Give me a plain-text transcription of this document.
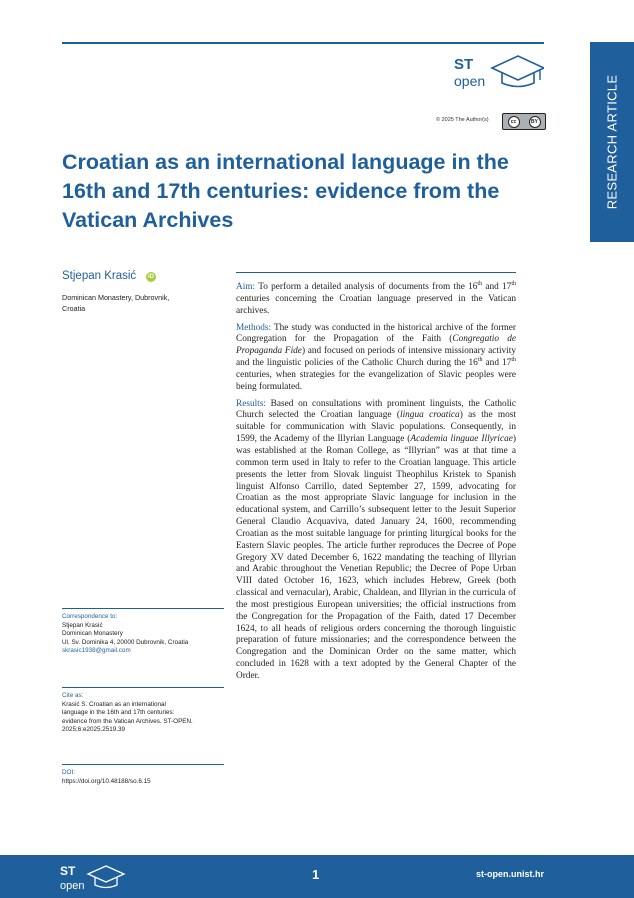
ST
open	RESEARCH ARTICLE
© 2025 The Author(s)	cc	BY
Croatian as an international language in the 16th and 17th centuries: evidence from the Vatican Archives
Stjepan Krasić	iD
Dominican Monastery, Dubrovnik,
Croatia
Correspondence to:
Stjepan Krasić
Dominican Monastery
Ul. Sv. Dominika 4, 20000 Dubrovnik, Croatia
skrasic1938@gmail.com
Cite as:
Krasić S. Croatian as an international
language in the 16th and 17th centuries:
evidence from the Vatican Archives. ST-OPEN.
2025;6:e2025.2519.39
DOI:
https://doi.org/10.48188/so.6.15

Aim: To perform a detailed analysis of documents from the 16th and 17th centuries concerning the Croatian language preserved in the Vatican archives.

Methods: The study was conducted in the historical archive of the former Congregation for the Propagation of the Faith (Congregatio de Propaganda Fide) and focused on periods of intensive missionary activity and the linguistic policies of the Catholic Church during the 16th and 17th centuries, when strategies for the evangelization of Slavic peoples were being formulated.

Results: Based on consultations with prominent linguists, the Catholic Church selected the Croatian language (lingua croatica) as the most suitable for communication with Slavic populations. Consequently, in 1599, the Academy of the Illyrian Language (Academia linguae Illyricae) was established at the Roman College, as “Illyrian” was at that time a common term used in Italy to refer to the Croatian language. This article presents the letter from Slovak linguist Theophilus Kristek to Spanish linguist Alfonso Carrillo, dated September 27, 1599, advocating for Croatian as the most appropriate Slavic language for inclusion in the educational system, and Carrillo’s subsequent letter to the Jesuit Superior General Claudio Acquaviva, dated January 24, 1600, recommending Croatian as the most suitable language for printing liturgical books for the Eastern Slavic peoples. The article further reproduces the Decree of Pope Gregory XV dated December 6, 1622 mandating the teaching of Illyrian and Arabic throughout the Venetian Republic; the Decree of Pope Urban VIII dated October 16, 1623, which includes Hebrew, Greek (both classical and vernacular), Arabic, Chaldean, and Illyrian in the curricula of the most prestigious European universities; the official instructions from the Congregation for the Propagation of the Faith, dated 17 December 1624, to all heads of religious orders concerning the thorough linguistic preparation of future missionaries; and the correspondence between the Congregation and the Dominican Order on the same matter, which concluded in 1628 with a text adopted by the General Chapter of the Order.

ST
open
1	st-open.unist.hr
